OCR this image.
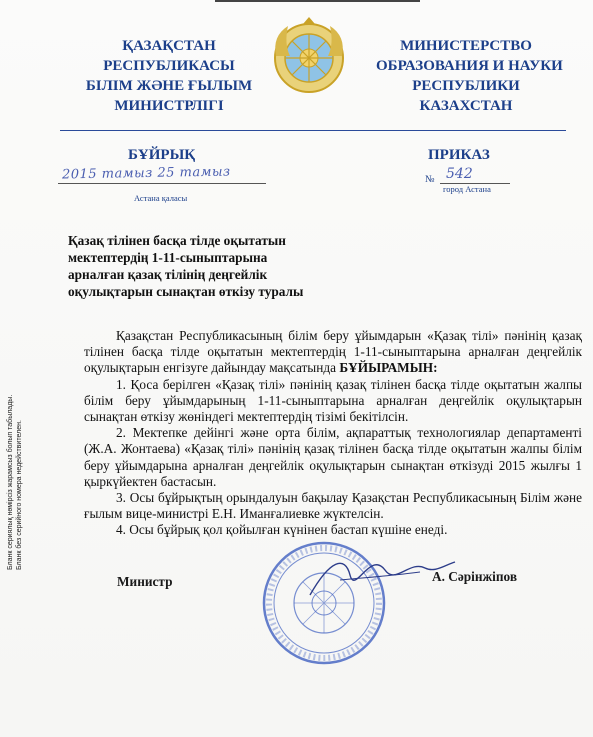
ҚАЗАҚСТАН
РЕСПУБЛИКАСЫ
БІЛІМ ЖӘНЕ ҒЫЛЫМ
МИНИСТРЛІГІ
МИНИСТЕРСТВО
ОБРАЗОВАНИЯ И НАУКИ
РЕСПУБЛИКИ
КАЗАХСТАН
БҰЙРЫҚ	ПРИКАЗ
2015 тамыз 25 тамыз	№ 542
Астана қаласы
город Астана
Қазақ тілінен басқа тілде оқытатын
мектептердің 1-11-сыныптарына
арналған қазақ тілінің деңгейлік
оқулықтарын сынақтан өткізу туралы
Бланк сериялық нөмірсіз жарамсыз болып табылады. Бланк без серийного номера недействителен.

Қазақстан Республикасының білім беру ұйымдарын «Қазақ тілі» пәнінің қазақ тілінен басқа тілде оқытатын мектептердің 1-11-сыныптарына арналған деңгейлік оқулықтарын енгізуге дайындау мақсатында БҰЙЫРАМЫН:

1. Қоса берілген «Қазақ тілі» пәнінің қазақ тілінен басқа тілде оқытатын жалпы білім беру ұйымдарының 1-11-сыныптарына арналған деңгейлік оқулықтарын сынақтан өткізу жөніндегі мектептердің тізімі бекітілсін.

2. Мектепке дейінгі және орта білім, ақпараттық технологиялар департаменті (Ж.А. Жонтаева) «Қазақ тілі» пәнінің қазақ тілінен басқа тілде оқытатын жалпы білім беру ұйымдарына арналған деңгейлік оқулықтарын сынақтан өткізуді 2015 жылғы 1 қыркүйектен бастасын.

3. Осы бұйрықтың орындалуын бақылау Қазақстан Республикасының Білім және ғылым вице-министрі Е.Н. Иманғалиевке жүктелсін.

4. Осы бұйрық қол қойылған күнінен бастап күшіне енеді.

Министр	А. Сәрінжіпов
